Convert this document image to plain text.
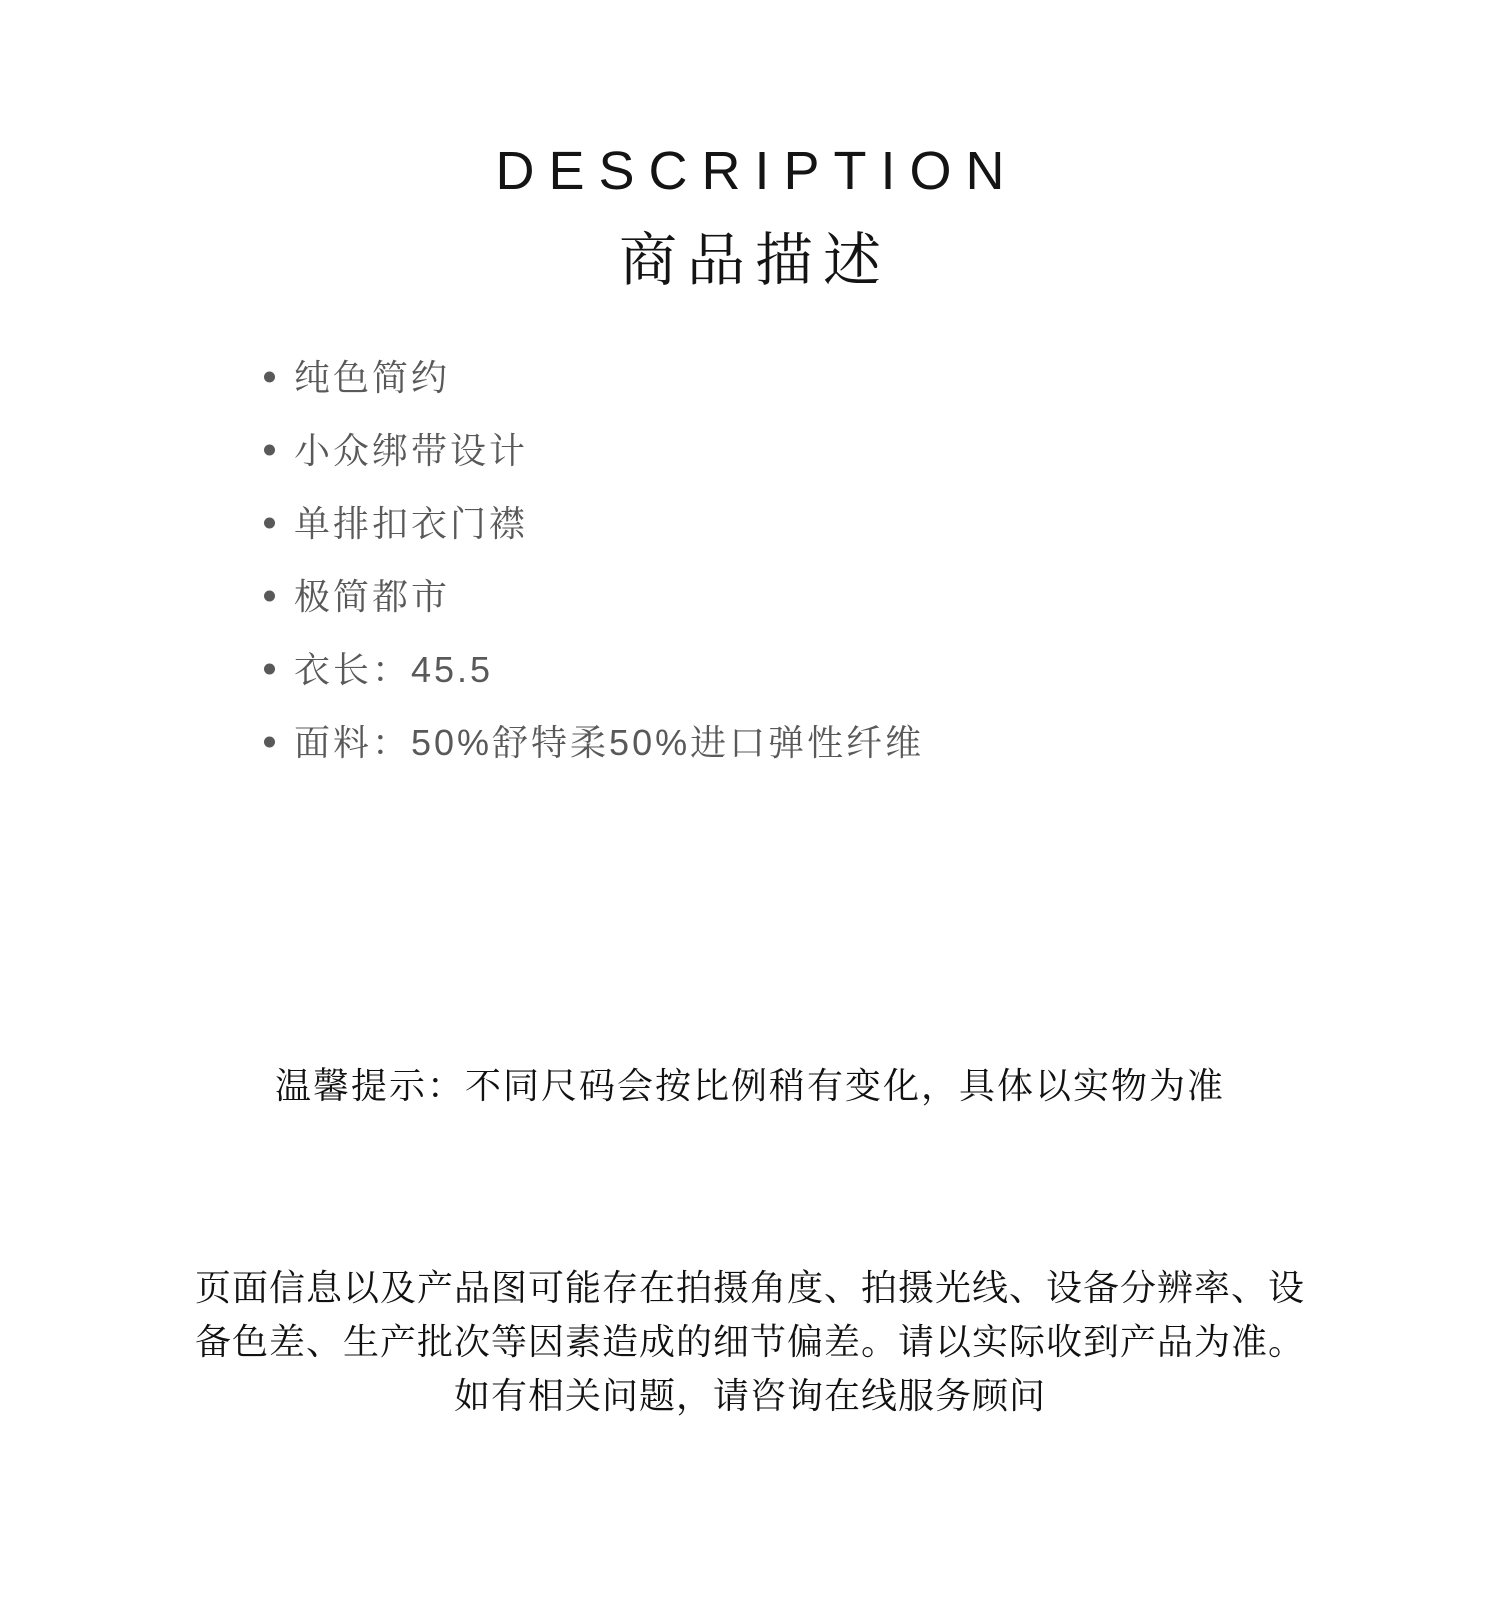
DESCRIPTION
商品描述
纯色简约
小众绑带设计
单排扣衣门襟
极简都市
衣长：45.5
面料：50%舒特柔50%进口弹性纤维

温馨提示：不同尺码会按比例稍有变化，具体以实物为准

页面信息以及产品图可能存在拍摄角度、拍摄光线、设备分辨率、设

备色差、生产批次等因素造成的细节偏差。请以实际收到产品为准。

如有相关问题，请咨询在线服务顾问
